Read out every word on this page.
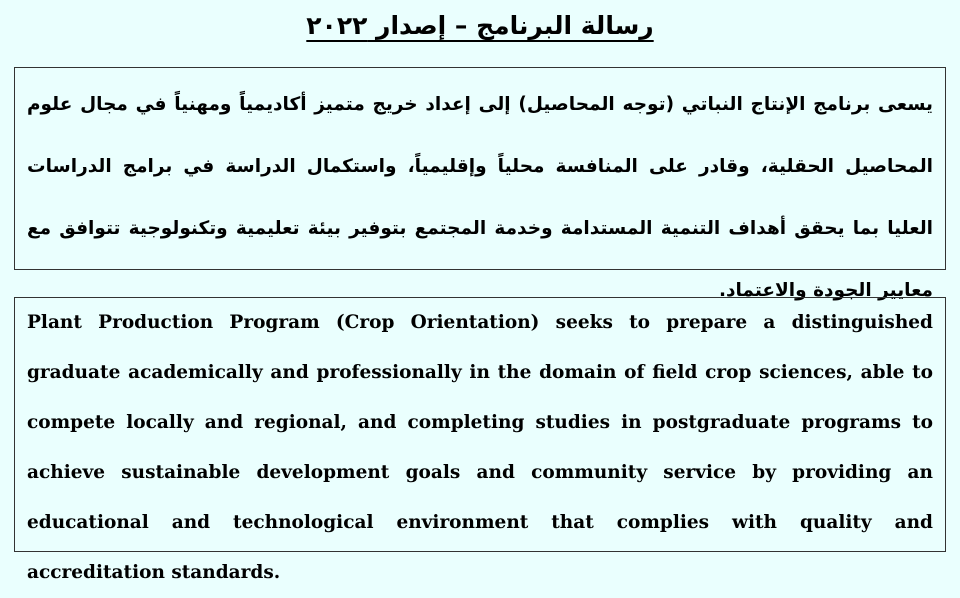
رسالة البرنامج – إصدار ٢٠٢٢

يسعى برنامج الإنتاج النباتي (توجه المحاصيل) إلى إعداد خريج متميز أكاديمياً ومهنياً في مجال علوم المحاصيل الحقلية، وقادر على المنافسة محلياً وإقليمياً، واستكمال الدراسة في برامج الدراسات العليا بما يحقق أهداف التنمية المستدامة وخدمة المجتمع بتوفير بيئة تعليمية وتكنولوجية تتوافق مع معايير الجودة والاعتماد.

Plant Production Program (Crop Orientation) seeks to prepare a distinguished graduate academically and professionally in the domain of field crop sciences, able to compete locally and regional, and completing studies in postgraduate programs to achieve sustainable development goals and community service by providing an educational and technological environment that complies with quality and accreditation standards.
